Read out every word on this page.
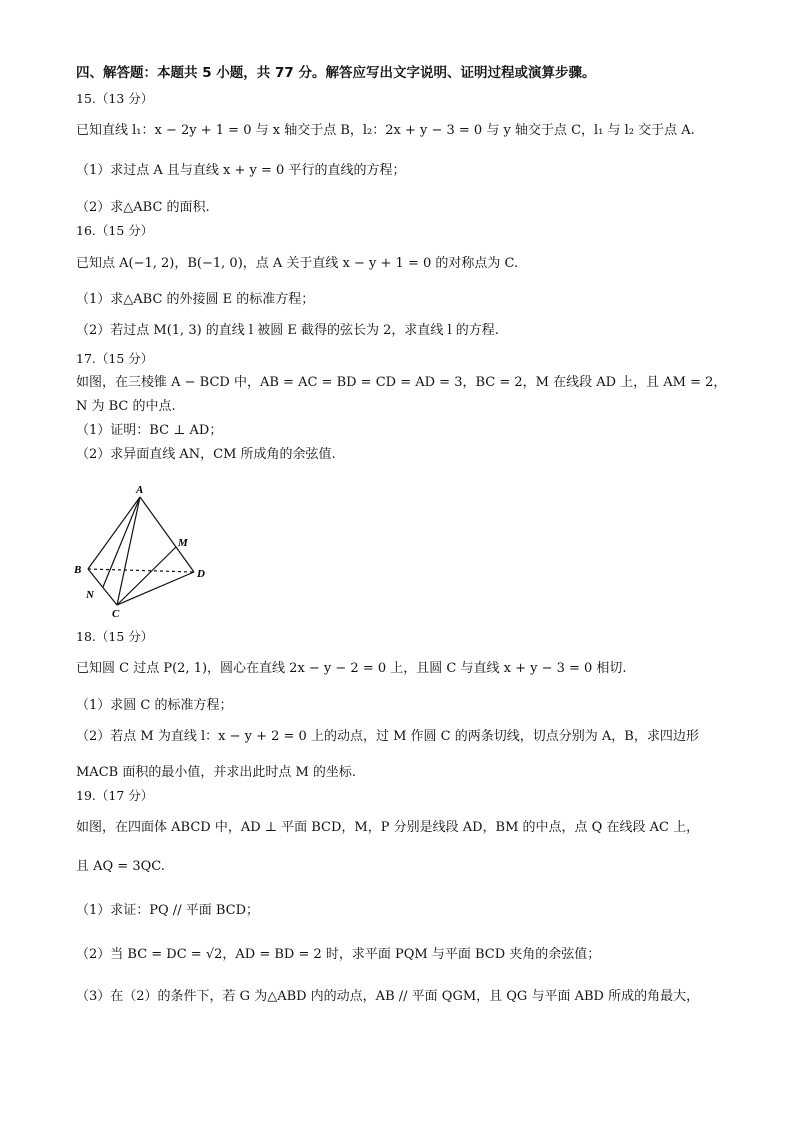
四、解答题：本题共 5 小题，共 77 分。解答应写出文字说明、证明过程或演算步骤。
15.（13 分）
已知直线 l₁：x − 2y + 1 = 0 与 x 轴交于点 B，l₂：2x + y − 3 = 0 与 y 轴交于点 C，l₁ 与 l₂ 交于点 A.
（1）求过点 A 且与直线 x + y = 0 平行的直线的方程；
（2）求△ABC 的面积.
16.（15 分）
已知点 A(−1, 2)，B(−1, 0)，点 A 关于直线 x − y + 1 = 0 的对称点为 C.
（1）求△ABC 的外接圆 E 的标准方程；
（2）若过点 M(1, 3) 的直线 l 被圆 E 截得的弦长为 2，求直线 l 的方程.
17.（15 分）
如图，在三棱锥 A − BCD 中，AB = AC = BD = CD = AD = 3，BC = 2，M 在线段 AD 上，且 AM = 2，
N 为 BC 的中点.
（1）证明：BC ⊥ AD；
（2）求异面直线 AN，CM 所成角的余弦值.
A
B
C
D
M
N
18.（15 分）
已知圆 C 过点 P(2, 1)，圆心在直线 2x − y − 2 = 0 上，且圆 C 与直线 x + y − 3 = 0 相切.
（1）求圆 C 的标准方程；
（2）若点 M 为直线 l：x − y + 2 = 0 上的动点，过 M 作圆 C 的两条切线，切点分别为 A，B，求四边形
MACB 面积的最小值，并求出此时点 M 的坐标.
19.（17 分）
如图，在四面体 ABCD 中，AD ⊥ 平面 BCD，M，P 分别是线段 AD，BM 的中点，点 Q 在线段 AC 上，
且 AQ = 3QC.
（1）求证：PQ // 平面 BCD；
（2）当 BC = DC = √2，AD = BD = 2 时，求平面 PQM 与平面 BCD 夹角的余弦值；
（3）在（2）的条件下，若 G 为△ABD 内的动点，AB // 平面 QGM，且 QG 与平面 ABD 所成的角最大，
